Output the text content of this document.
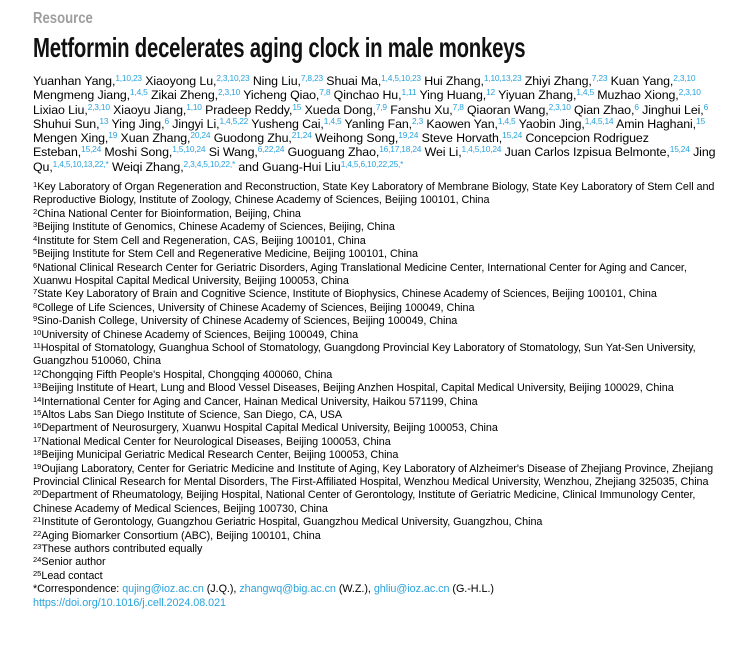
Resource
Metformin decelerates aging clock in male monkeys
Yuanhan Yang,$^{1,10,23}$ Xiaoyong Lu,$^{2,3,10,23}$ Ning Liu,$^{7,8,23}$ Shuai Ma,$^{1,4,5,10,23}$ Hui Zhang,$^{1,10,13,23}$ Zhiyi Zhang,$^{7,23}$ Kuan Yang,$^{2,3,10}$ Mengmeng Jiang,$^{1,4,5}$ Zikai Zheng,$^{2,3,10}$ Yicheng Qiao,$^{7,8}$ Qinchao Hu,$^{1,11}$ Ying Huang,$^{12}$ Yiyuan Zhang,$^{1,4,5}$ Muzhao Xiong,$^{2,3,10}$ Lixiao Liu,$^{2,3,10}$ Xiaoyu Jiang,$^{1,10}$ Pradeep Reddy,$^{15}$ Xueda Dong,$^{7,9}$ Fanshu Xu,$^{7,8}$ Qiaoran Wang,$^{2,3,10}$ Qian Zhao,$^6$ Jinghui Lei,$^6$ Shuhui Sun,$^{13}$ Ying Jing,$^6$ Jingyi Li,$^{1,4,5,22}$ Yusheng Cai,$^{1,4,5}$ Yanling Fan,$^{2,3}$ Kaowen Yan,$^{1,4,5}$ Yaobin Jing,$^{1,4,5,14}$ Amin Haghani,$^{15}$ Mengen Xing,$^{19}$ Xuan Zhang,$^{20,24}$ Guodong Zhu,$^{21,24}$ Weihong Song,$^{19,24}$ Steve Horvath,$^{15,24}$ Concepcion Rodriguez Esteban,$^{15,24}$ Moshi Song,$^{1,5,10,24}$ Si Wang,$^{6,22,24}$ Guoguang Zhao,$^{16,17,18,24}$ Wei Li,$^{1,4,5,10,24}$ Juan Carlos Izpisua Belmonte,$^{15,24}$ Jing Qu,$^{1,4,5,10,13,22,*}$ Weiqi Zhang,$^{2,3,4,5,10,22,*}$ and Guang-Hui Liu$^{1,4,5,6,10,22,25,*}$
$^1$Key Laboratory of Organ Regeneration and Reconstruction, State Key Laboratory of Membrane Biology, State Key Laboratory of Stem Cell and Reproductive Biology, Institute of Zoology, Chinese Academy of Sciences, Beijing 100101, China
$^2$China National Center for Bioinformation, Beijing, China
$^3$Beijing Institute of Genomics, Chinese Academy of Sciences, Beijing, China
$^4$Institute for Stem Cell and Regeneration, CAS, Beijing 100101, China
$^5$Beijing Institute for Stem Cell and Regenerative Medicine, Beijing 100101, China
$^6$National Clinical Research Center for Geriatric Disorders, Aging Translational Medicine Center, International Center for Aging and Cancer, Xuanwu Hospital Capital Medical University, Beijing 100053, China
$^7$State Key Laboratory of Brain and Cognitive Science, Institute of Biophysics, Chinese Academy of Sciences, Beijing 100101, China
$^8$College of Life Sciences, University of Chinese Academy of Sciences, Beijing 100049, China
$^9$Sino-Danish College, University of Chinese Academy of Sciences, Beijing 100049, China
$^{10}$University of Chinese Academy of Sciences, Beijing 100049, China
$^{11}$Hospital of Stomatology, Guanghua School of Stomatology, Guangdong Provincial Key Laboratory of Stomatology, Sun Yat-Sen University, Guangzhou 510060, China
$^{12}$Chongqing Fifth People's Hospital, Chongqing 400060, China
$^{13}$Beijing Institute of Heart, Lung and Blood Vessel Diseases, Beijing Anzhen Hospital, Capital Medical University, Beijing 100029, China
$^{14}$International Center for Aging and Cancer, Hainan Medical University, Haikou 571199, China
$^{15}$Altos Labs San Diego Institute of Science, San Diego, CA, USA
$^{16}$Department of Neurosurgery, Xuanwu Hospital Capital Medical University, Beijing 100053, China
$^{17}$National Medical Center for Neurological Diseases, Beijing 100053, China
$^{18}$Beijing Municipal Geriatric Medical Research Center, Beijing 100053, China
$^{19}$Oujiang Laboratory, Center for Geriatric Medicine and Institute of Aging, Key Laboratory of Alzheimer's Disease of Zhejiang Province, Zhejiang Provincial Clinical Research for Mental Disorders, The First-Affiliated Hospital, Wenzhou Medical University, Wenzhou, Zhejiang 325035, China
$^{20}$Department of Rheumatology, Beijing Hospital, National Center of Gerontology, Institute of Geriatric Medicine, Clinical Immunology Center, Chinese Academy of Medical Sciences, Beijing 100730, China
$^{21}$Institute of Gerontology, Guangzhou Geriatric Hospital, Guangzhou Medical University, Guangzhou, China
$^{22}$Aging Biomarker Consortium (ABC), Beijing 100101, China
$^{23}$These authors contributed equally
$^{24}$Senior author
$^{25}$Lead contact
*Correspondence: qujing@ioz.ac.cn (J.Q.), zhangwq@big.ac.cn (W.Z.), ghliu@ioz.ac.cn (G.-H.L.)
https://doi.org/10.1016/j.cell.2024.08.021
